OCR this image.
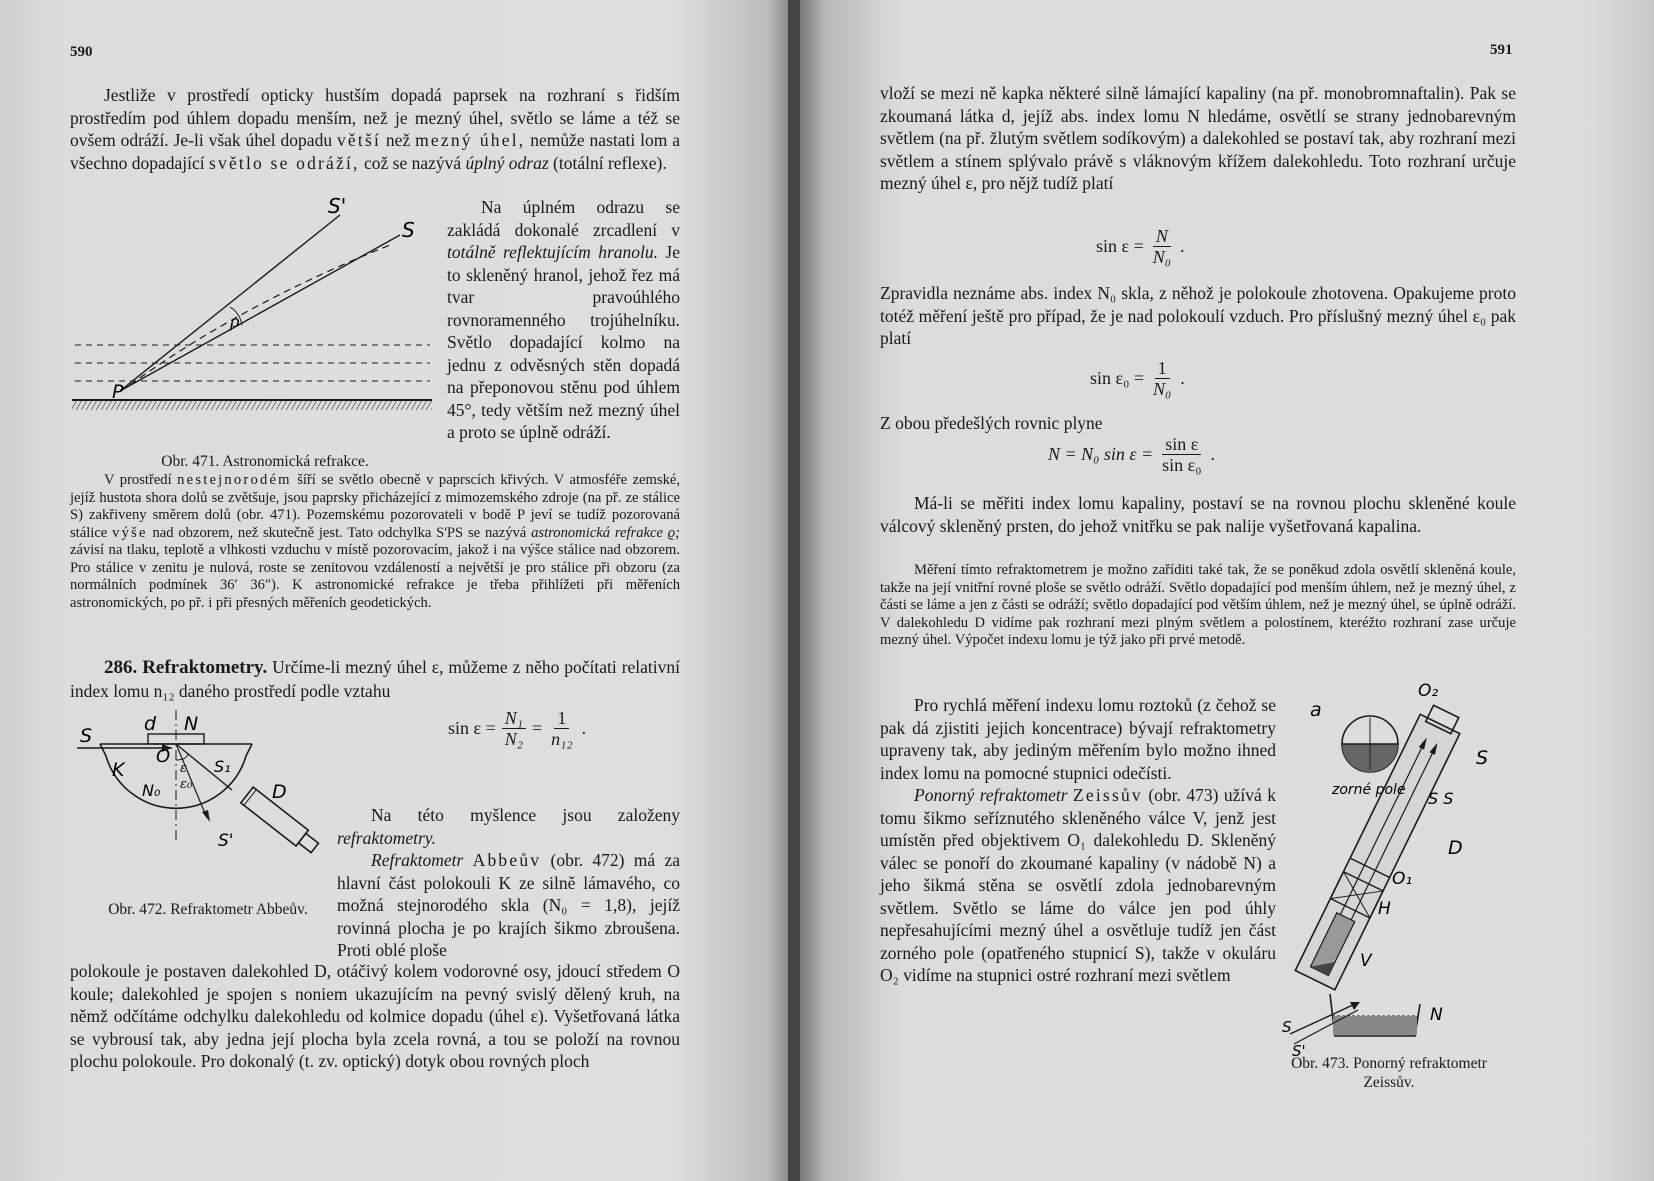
590

Jestliže v prostředí opticky hustším dopadá paprsek na rozhraní s řidším prostředím pod úhlem dopadu menším, než je mezný úhel, světlo se láme a též se ovšem odráží. Je-li však úhel dopadu větší než mezný úhel, nemůže nastati lom a všechno dopadající světlo se odráží, což se nazývá úplný odraz (totální reflexe).

S'
S
ρ
P
Obr. 471. Astronomická refrakce.

Na úplném odrazu se zakládá dokonalé zrcadlení v totálně reflektujícím hranolu. Je to skleněný hranol, jehož řez má tvar pravoúhlého rovnoramenného trojúhelníku. Světlo dopadající kolmo na jednu z odvěsných stěn dopadá na přeponovou stěnu pod úhlem 45°, tedy větším než mezný úhel a proto se úplně odráží.

V prostředí nestejnorodém šíří se světlo obecně v paprscích křivých. V atmosféře zemské, jejíž hustota shora dolů se zvětšuje, jsou paprsky přicházející z mimozemského zdroje (na př. ze stálice S) zakřiveny směrem dolů (obr. 471). Pozemskému pozorovateli v bodě P jeví se tudíž pozorovaná stálice výše nad obzorem, než skutečně jest. Tato odchylka S'PS se nazývá astronomická refrakce ϱ; závisí na tlaku, teplotě a vlhkosti vzduchu v místě pozorovacím, jakož i na výšce stálice nad obzorem. Pro stálice v zenitu je nulová, roste se zenitovou vzdáleností a největší je pro stálice při obzoru (za normálních podmínek 36′ 36″). K astronomické refrakce je třeba přihlížeti při měřeních astronomických, po př. i při přesných měřeních geodetických.

286. Refraktometry. Určíme-li mezný úhel ε, můžeme z něho počítati relativní index lomu n₁₂ daného prostředí podle vztahu

$\sin \varepsilon = \frac{\text{N₁}}{\text{N₂}} = \frac{1}{\text{n₁₂}}$ .
S
d N
O
K
N₀
ε
ε₀
S₁
D
S'
Obr. 472. Refraktometr Abbeův.

Na této myšlence jsou založeny refraktometry.

Refraktometr Abbeův (obr. 472) má za hlavní část polokouli K ze silně lámavého, co možná stejnorodého skla (N₀ = 1,8), jejíž rovinná plocha je po krajích šikmo zbroušena. Proti oblé ploše

polokoule je postaven dalekohled D, otáčivý kolem vodorovné osy, jdoucí středem O koule; dalekohled je spojen s noniem ukazujícím na pevný svislý dělený kruh, na němž odčítáme odchylku dalekohledu od kolmice dopadu (úhel ε). Vyšetřovaná látka se vybrousí tak, aby jedna její plocha byla zcela rovná, a tou se položí na rovnou plochu polokoule. Pro dokonalý (t. zv. optický) dotyk obou rovných ploch

591

vloží se mezi ně kapka některé silně lámající kapaliny (na př. monobromnaftalin). Pak se zkoumaná látka d, jejíž abs. index lomu N hledáme, osvětlí se strany jednobarevným světlem (na př. žlutým světlem sodíkovým) a dalekohled se postaví tak, aby rozhraní mezi světlem a stínem splývalo právě s vláknovým křížem dalekohledu. Toto rozhraní určuje mezný úhel ε, pro nějž tudíž platí

$\sin \varepsilon = \frac{N}{\text{N₀}}$ .

Zpravidla neznáme abs. index N₀ skla, z něhož je polokoule zhotovena. Opakujeme proto totéž měření ještě pro případ, že je nad polokoulí vzduch. Pro příslušný mezný úhel ε₀ pak platí

$\sin \varepsilon_0 = \frac{1}{\text{N₀}}$ .

Z obou předešlých rovnic plyne

N = N₀ $\sin \varepsilon = \frac{\text{sin ε}}{\text{sin ε₀}}$ .

Má-li se měřiti index lomu kapaliny, postaví se na rovnou plochu skleněné koule válcový skleněný prsten, do jehož vnitřku se pak nalije vyšetřovaná kapalina.

Měření tímto refraktometrem je možno zaříditi také tak, že se poněkud zdola osvětlí skleněná koule, takže na její vnitřní rovné ploše se světlo odráží. Světlo dopadající pod menším úhlem, než je mezný úhel, z části se láme a jen z části se odráží; světlo dopadající pod větším úhlem, než je mezný úhel, se úplně odráží. V dalekohledu D vidíme pak rozhraní mezi plným světlem a polostínem, kteréžto rozhraní zase určuje mezný úhel. Výpočet indexu lomu je týž jako při prvé metodě.

Pro rychlá měření indexu lomu roztoků (z čehož se pak dá zjistiti jejich koncentrace) bývají refraktometry upraveny tak, aby jediným měřením bylo možno ihned index lomu na pomocné stupnici odečísti.

Ponorný refraktometr Zeissův (obr. 473) užívá k tomu šikmo seříznutého skleněného válce V, jenž jest umístěn před objektivem O₁ dalekohledu D. Skleněný válec se ponoří do zkoumané kapaliny (v nádobě N) a jeho šikmá stěna se osvětlí zdola jednobarevným světlem. Světlo se láme do válce jen pod úhly nepřesahujícími mezný úhel a osvětluje tudíž jen část zorného pole (opatřeného stupnicí S), takže v okuláru O₂ vidíme na stupnici ostré rozhraní mezi světlem

a
zorné pole
O₂
S
S S
D
O₁
H
V
N
S
S'
Obr. 473. Ponorný refraktometr Zeissův.
